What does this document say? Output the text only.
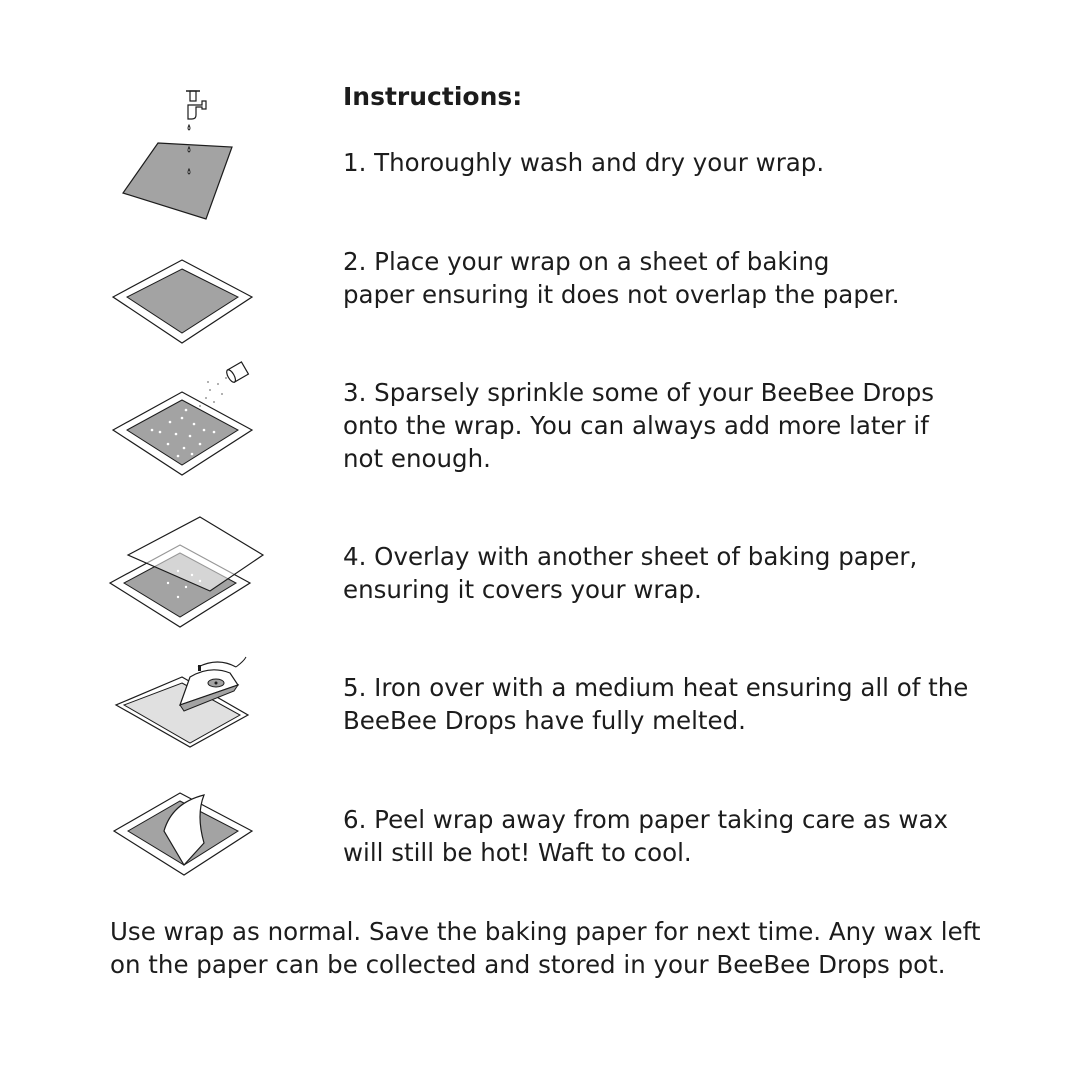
Instructions:
1. Thoroughly wash and dry your wrap.
2. Place your wrap on a sheet of baking
paper ensuring it does not overlap the paper.
3. Sparsely sprinkle some of your BeeBee Drops
onto the wrap. You can always add more later if
not enough.
4. Overlay with another sheet of baking paper,
ensuring it covers your wrap.
5. Iron over with a medium heat ensuring all of the
BeeBee Drops have fully melted.
6. Peel wrap away from paper taking care as wax
will still be hot! Waft to cool.
Use wrap as normal. Save the baking paper for next time. Any wax left
on the paper can be collected and stored in your BeeBee Drops pot.
